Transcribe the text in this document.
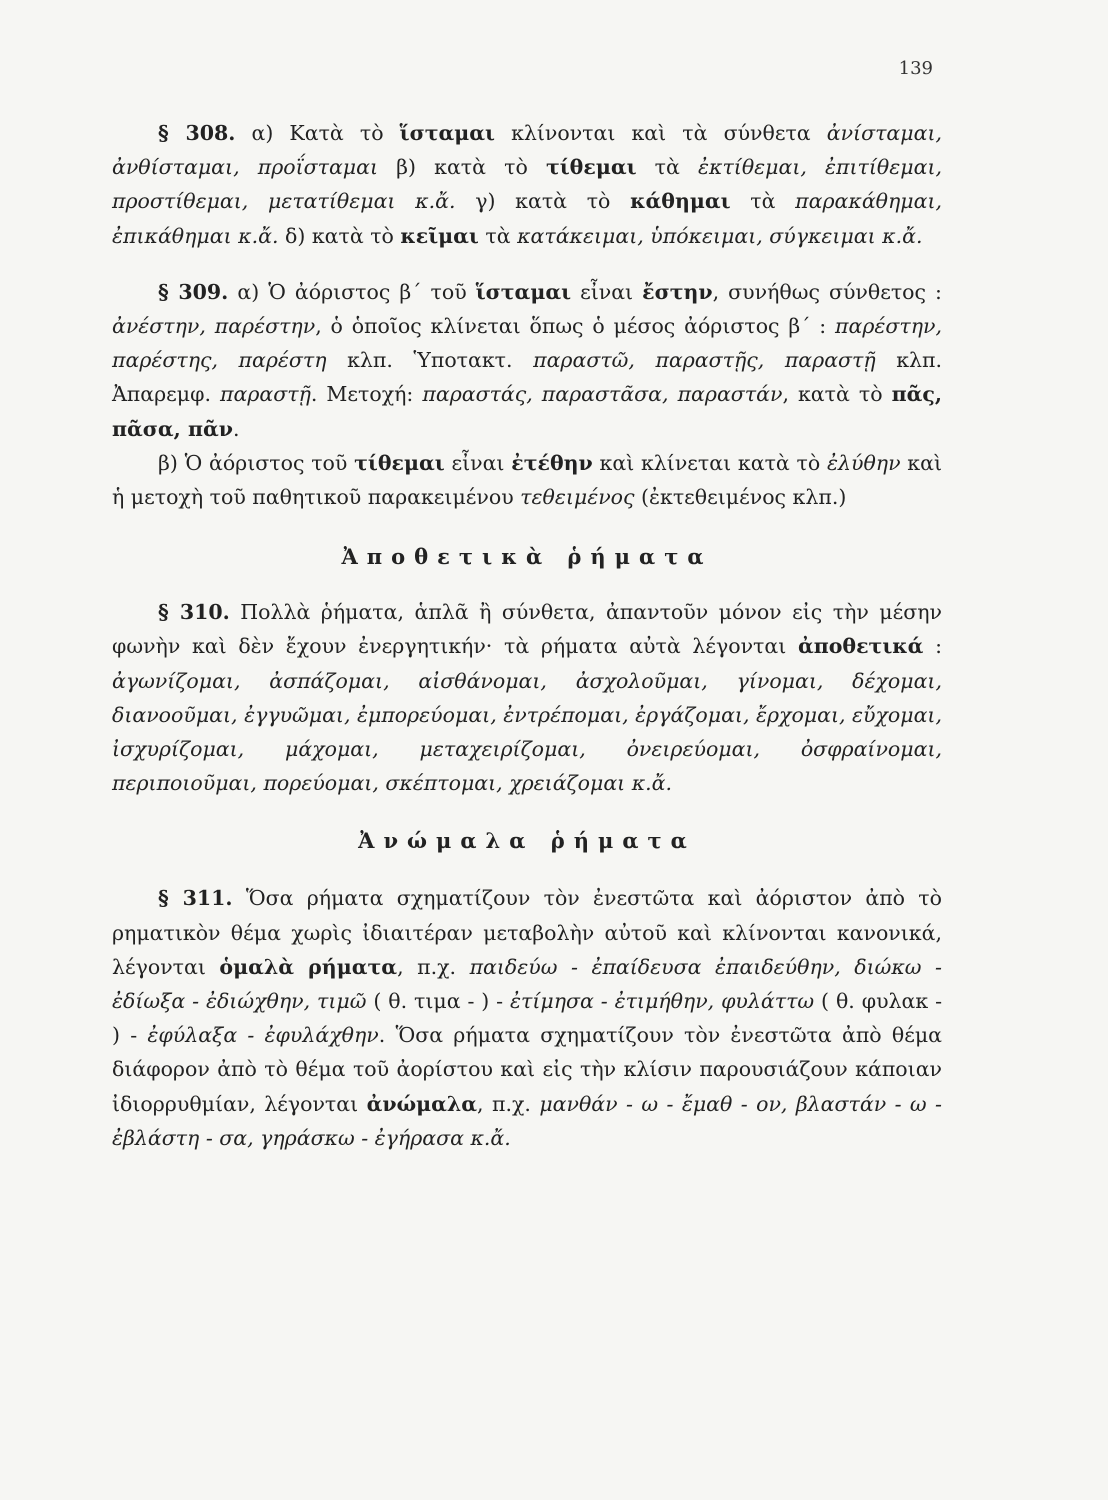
139

§ 308. α) Κατὰ τὸ ἵσταμαι κλίνονται καὶ τὰ σύνθετα ἀνίσταμαι, ἀνθίσταμαι, προΐσταμαι β) κατὰ τὸ τίθεμαι τὰ ἐκτίθεμαι, ἐπιτίθεμαι, προστίθεμαι, μετατίθεμαι κ.ἄ. γ) κατὰ τὸ κάθημαι τὰ παρακάθημαι, ἐπικάθημαι κ.ἄ. δ) κατὰ τὸ κεῖμαι τὰ κατάκειμαι, ὑπόκειμαι, σύγκειμαι κ.ἄ.

§ 309. α) Ὁ ἀόριστος β΄ τοῦ ἵσταμαι εἶναι ἔστην, συνήθως σύνθετος : ἀνέστην, παρέστην, ὁ ὁποῖος κλίνεται ὅπως ὁ μέσος ἀόριστος β΄ : παρέστην, παρέστης, παρέστη κλπ. Ὑποτακτ. παραστῶ, παραστῇς, παραστῇ κλπ. Ἀπαρεμφ. παραστῇ. Μετοχή: παραστάς, παραστᾶσα, παραστάν, κατὰ τὸ πᾶς, πᾶσα, πᾶν.

β) Ὁ ἀόριστος τοῦ τίθεμαι εἶναι ἐτέθην καὶ κλίνεται κατὰ τὸ ἐλύθην καὶ ἡ μετοχὴ τοῦ παθητικοῦ παρακειμένου τεθειμένος (ἐκτεθειμένος κλπ.)

Ἀποθετικὰ ῥήματα

§ 310. Πολλὰ ῥήματα, ἁπλᾶ ἢ σύνθετα, ἀπαντοῦν μόνον εἰς τὴν μέσην φωνὴν καὶ δὲν ἔχουν ἐνεργητικήν· τὰ ρήματα αὐτὰ λέγονται ἀποθετικά : ἀγωνίζομαι, ἀσπάζομαι, αἰσθάνομαι, ἀσχολοῦμαι, γίνομαι, δέχομαι, διανοοῦμαι, ἐγγυῶμαι, ἐμπορεύομαι, ἐντρέπομαι, ἐργάζομαι, ἔρχομαι, εὔχομαι, ἰσχυρίζομαι, μάχομαι, μεταχειρίζομαι, ὀνειρεύομαι, ὀσφραίνομαι, περιποιοῦμαι, πορεύομαι, σκέπτομαι, χρειάζομαι κ.ἄ.

Ἀνώμαλα ῥήματα

§ 311. Ὅσα ρήματα σχηματίζουν τὸν ἐνεστῶτα καὶ ἀόριστον ἀπὸ τὸ ρηματικὸν θέμα χωρὶς ἰδιαιτέραν μεταβολὴν αὐτοῦ καὶ κλίνονται κανονικά, λέγονται ὁμαλὰ ρήματα, π.χ. παιδεύω - ἐπαίδευσα ἐπαιδεύθην, διώκω - ἐδίωξα - ἐδιώχθην, τιμῶ ( θ. τιμα - ) - ἐτίμησα - ἐτιμήθην, φυλάττω ( θ. φυλακ - ) - ἐφύλαξα - ἐφυλάχθην. Ὅσα ρήματα σχηματίζουν τὸν ἐνεστῶτα ἀπὸ θέμα διάφορον ἀπὸ τὸ θέμα τοῦ ἀορίστου καὶ εἰς τὴν κλίσιν παρουσιάζουν κάποιαν ἰδιορρυθμίαν, λέγονται ἀνώμαλα, π.χ. μανθάν - ω - ἔμαθ - ον, βλαστάν - ω - ἐβλάστη - σα, γηράσκω - ἐγήρασα κ.ἄ.
